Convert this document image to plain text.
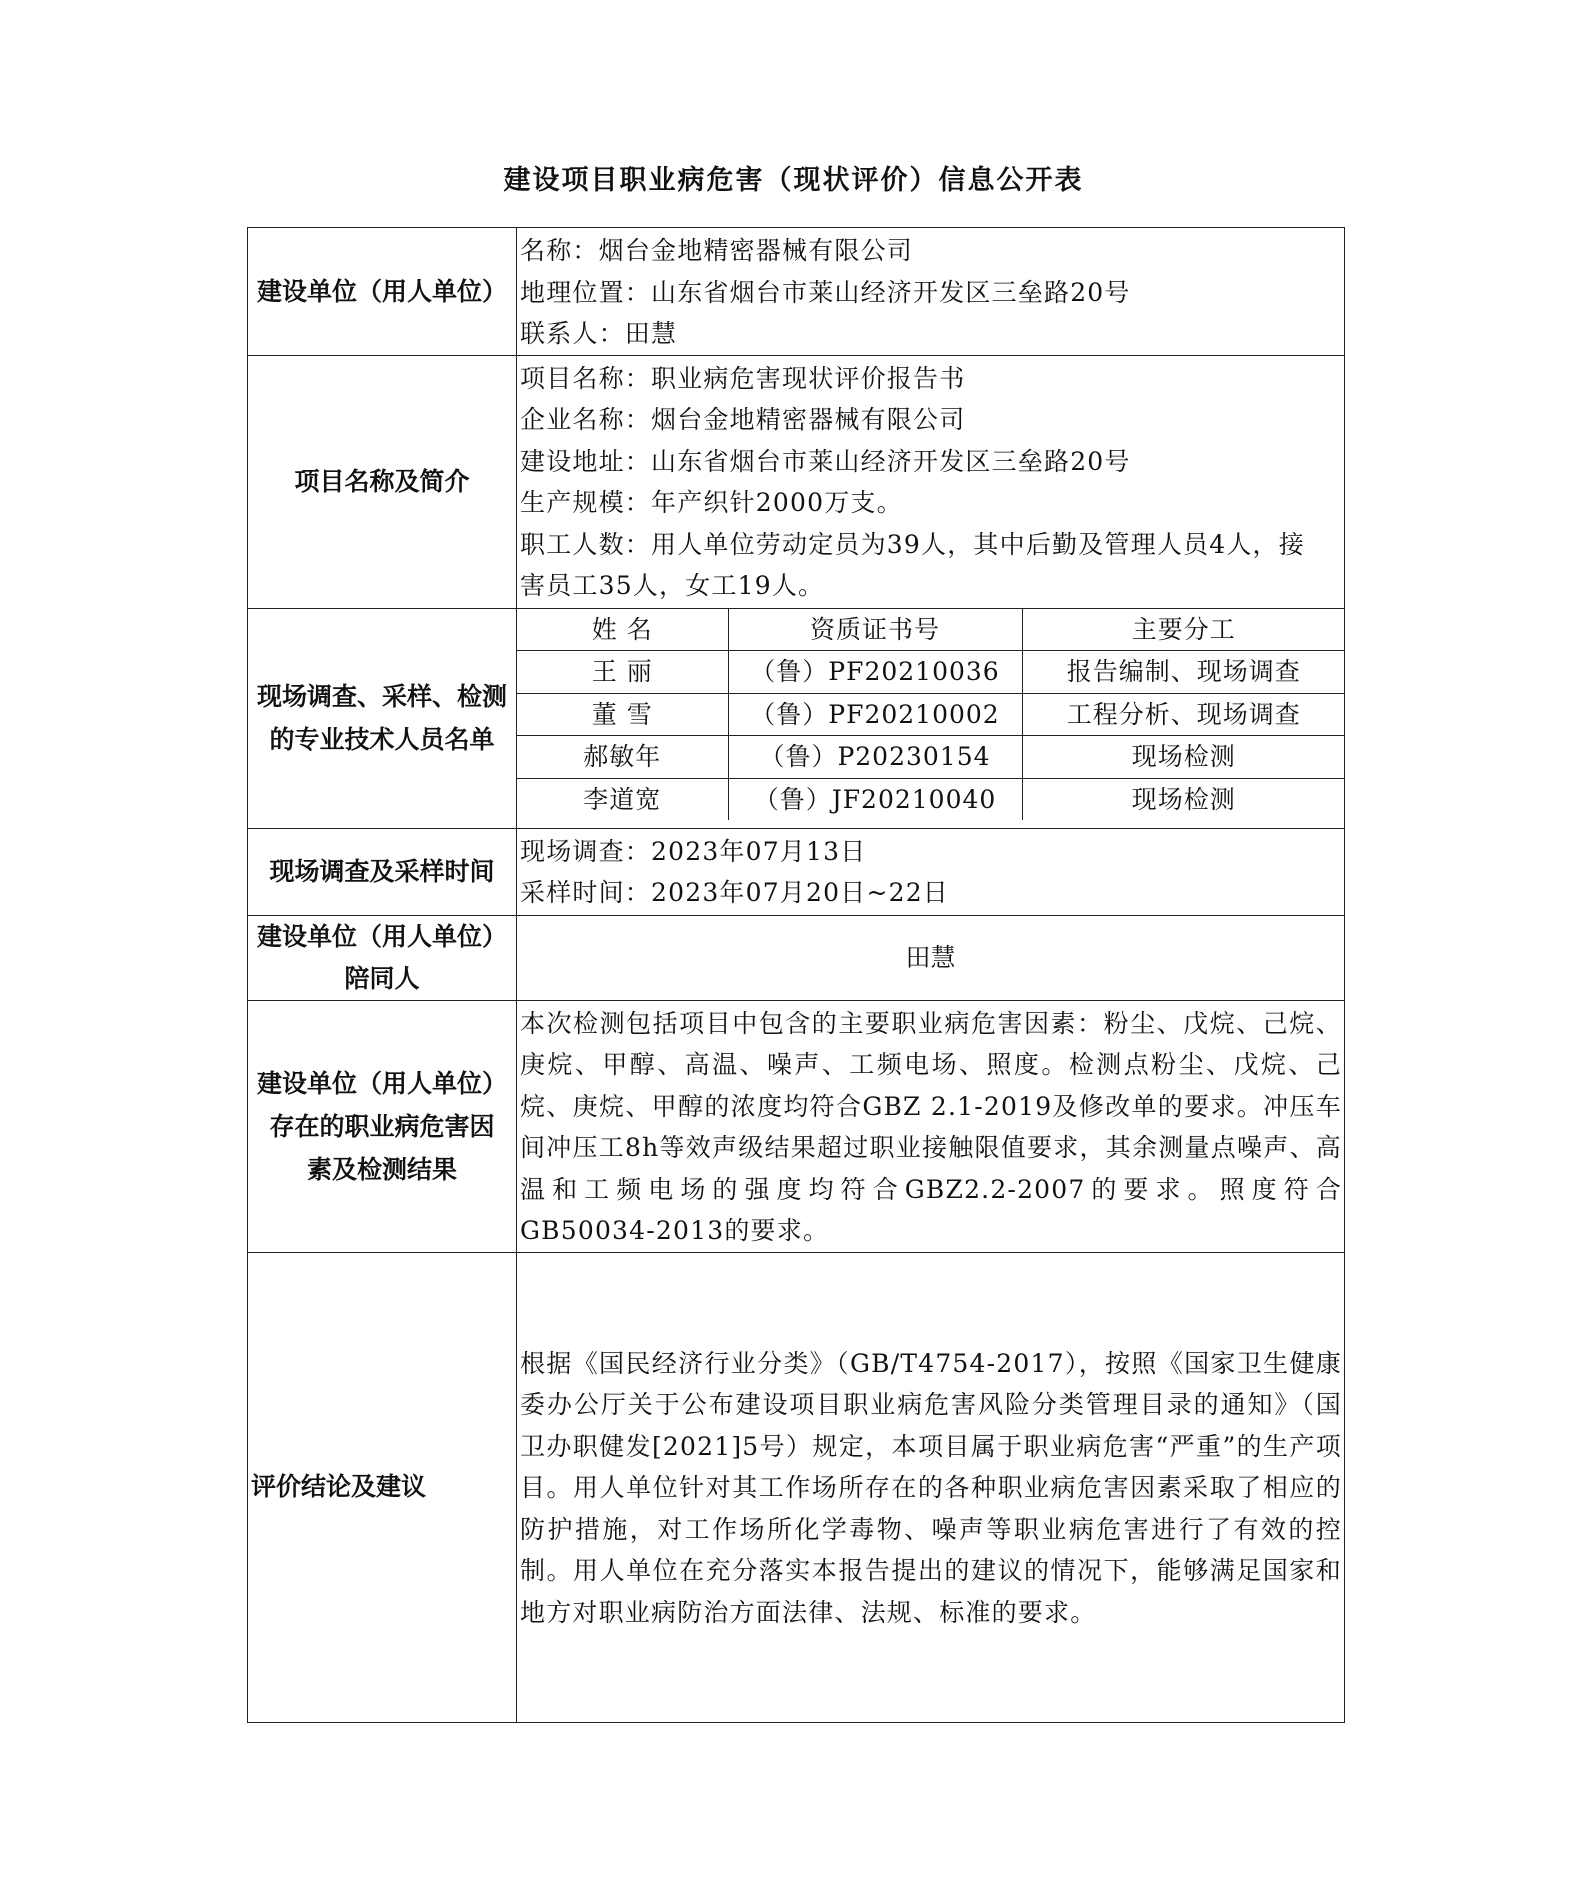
建设项目职业病危害（现状评价）信息公开表
建设单位（用人单位）	
名称：烟台金地精密器械有限公司
地理位置：山东省烟台市莱山经济开发区三垒路20号
联系人：田慧

项目名称及简介	
项目名称：职业病危害现状评价报告书
企业名称：烟台金地精密器械有限公司
建设地址：山东省烟台市莱山经济开发区三垒路20号
生产规模：年产织针2000万支。
职工人数：用人单位劳动定员为39人，其中后勤及管理人员4人，接
害员工35人，女工19人。

现场调查、采样、检测
的专业技术人员名单

姓 名	资质证书号	主要分工
王 丽	（鲁）PF20210036	报告编制、现场调查
董 雪	（鲁）PF20210002	工程分析、现场调查
郝敏年	（鲁）P20230154	现场检测
李道宽	（鲁）JF20210040	现场检测

现场调查及采样时间	
现场调查：2023年07月13日
采样时间：2023年07月20日~22日

建设单位（用人单位）
陪同人
	田慧

建设单位（用人单位）
存在的职业病危害因
素及检测结果

本次检测包括项目中包含的主要职业病危害因素：粉尘、戊烷、己烷、庚烷、甲醇、高温、噪声、工频电场、照度。检测点粉尘、戊烷、己烷、庚烷、甲醇的浓度均符合GBZ 2.1-2019及修改单的要求。冲压车间冲压工8h等效声级结果超过职业接触限值要求，其余测量点噪声、高温和工频电场的强度均符合GBZ2.2-2007的要求。照度符合GB50034-2013的要求。

评价结论及建议	
根据《国民经济行业分类》（GB/T4754-2017），按照《国家卫生健康委办公厅关于公布建设项目职业病危害风险分类管理目录的通知》（国卫办职健发[2021]5号）规定，本项目属于职业病危害“严重”的生产项目。用人单位针对其工作场所存在的各种职业病危害因素采取了相应的防护措施，对工作场所化学毒物、噪声等职业病危害进行了有效的控制。用人单位在充分落实本报告提出的建议的情况下，能够满足国家和地方对职业病防治方面法律、法规、标准的要求。
